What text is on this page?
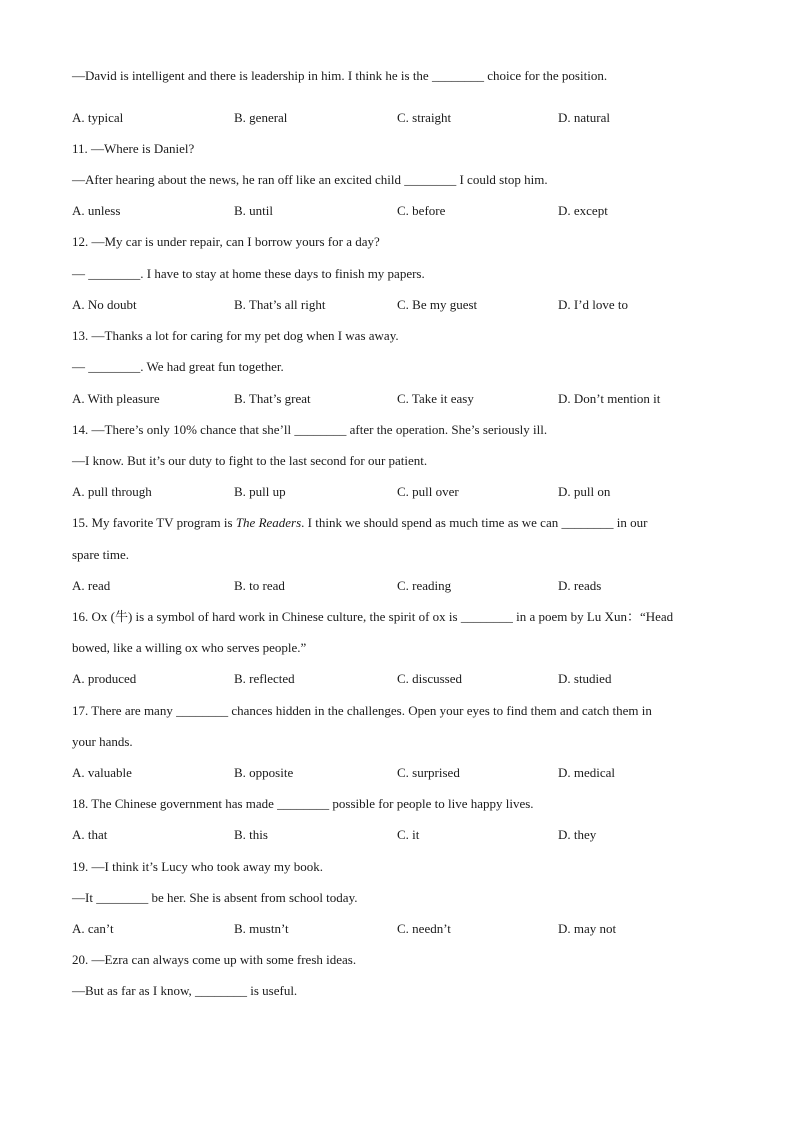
—David is intelligent and there is leadership in him. I think he is the ________ choice for the position.
A. typical	B. general	C. straight	D. natural
11. —Where is Daniel?
—After hearing about the news, he ran off like an excited child ________ I could stop him.
A. unless	B. until	C. before	D. except
12. —My car is under repair, can I borrow yours for a day?
— ________. I have to stay at home these days to finish my papers.
A. No doubt	B. That’s all right	C. Be my guest	D. I’d love to
13. —Thanks a lot for caring for my pet dog when I was away.
— ________. We had great fun together.
A. With pleasure	B. That’s great	C. Take it easy	D. Don’t mention it
14. —There’s only 10% chance that she’ll ________ after the operation. She’s seriously ill.
—I know. But it’s our duty to fight to the last second for our patient.
A. pull through	B. pull up	C. pull over	D. pull on
15. My favorite TV program is The Readers. I think we should spend as much time as we can ________ in our
spare time.
A. read	B. to read	C. reading	D. reads
16. Ox (牛) is a symbol of hard work in Chinese culture, the spirit of ox is ________ in a poem by Lu Xun：“Head
bowed, like a willing ox who serves people.”
A. produced	B. reflected	C. discussed	D. studied
17. There are many ________ chances hidden in the challenges. Open your eyes to find them and catch them in
your hands.
A. valuable	B. opposite	C. surprised	D. medical
18. The Chinese government has made ________ possible for people to live happy lives.
A. that	B. this	C. it	D. they
19. —I think it’s Lucy who took away my book.
—It ________ be her. She is absent from school today.
A. can’t	B. mustn’t	C. needn’t	D. may not
20. —Ezra can always come up with some fresh ideas.
—But as far as I know, ________ is useful.
